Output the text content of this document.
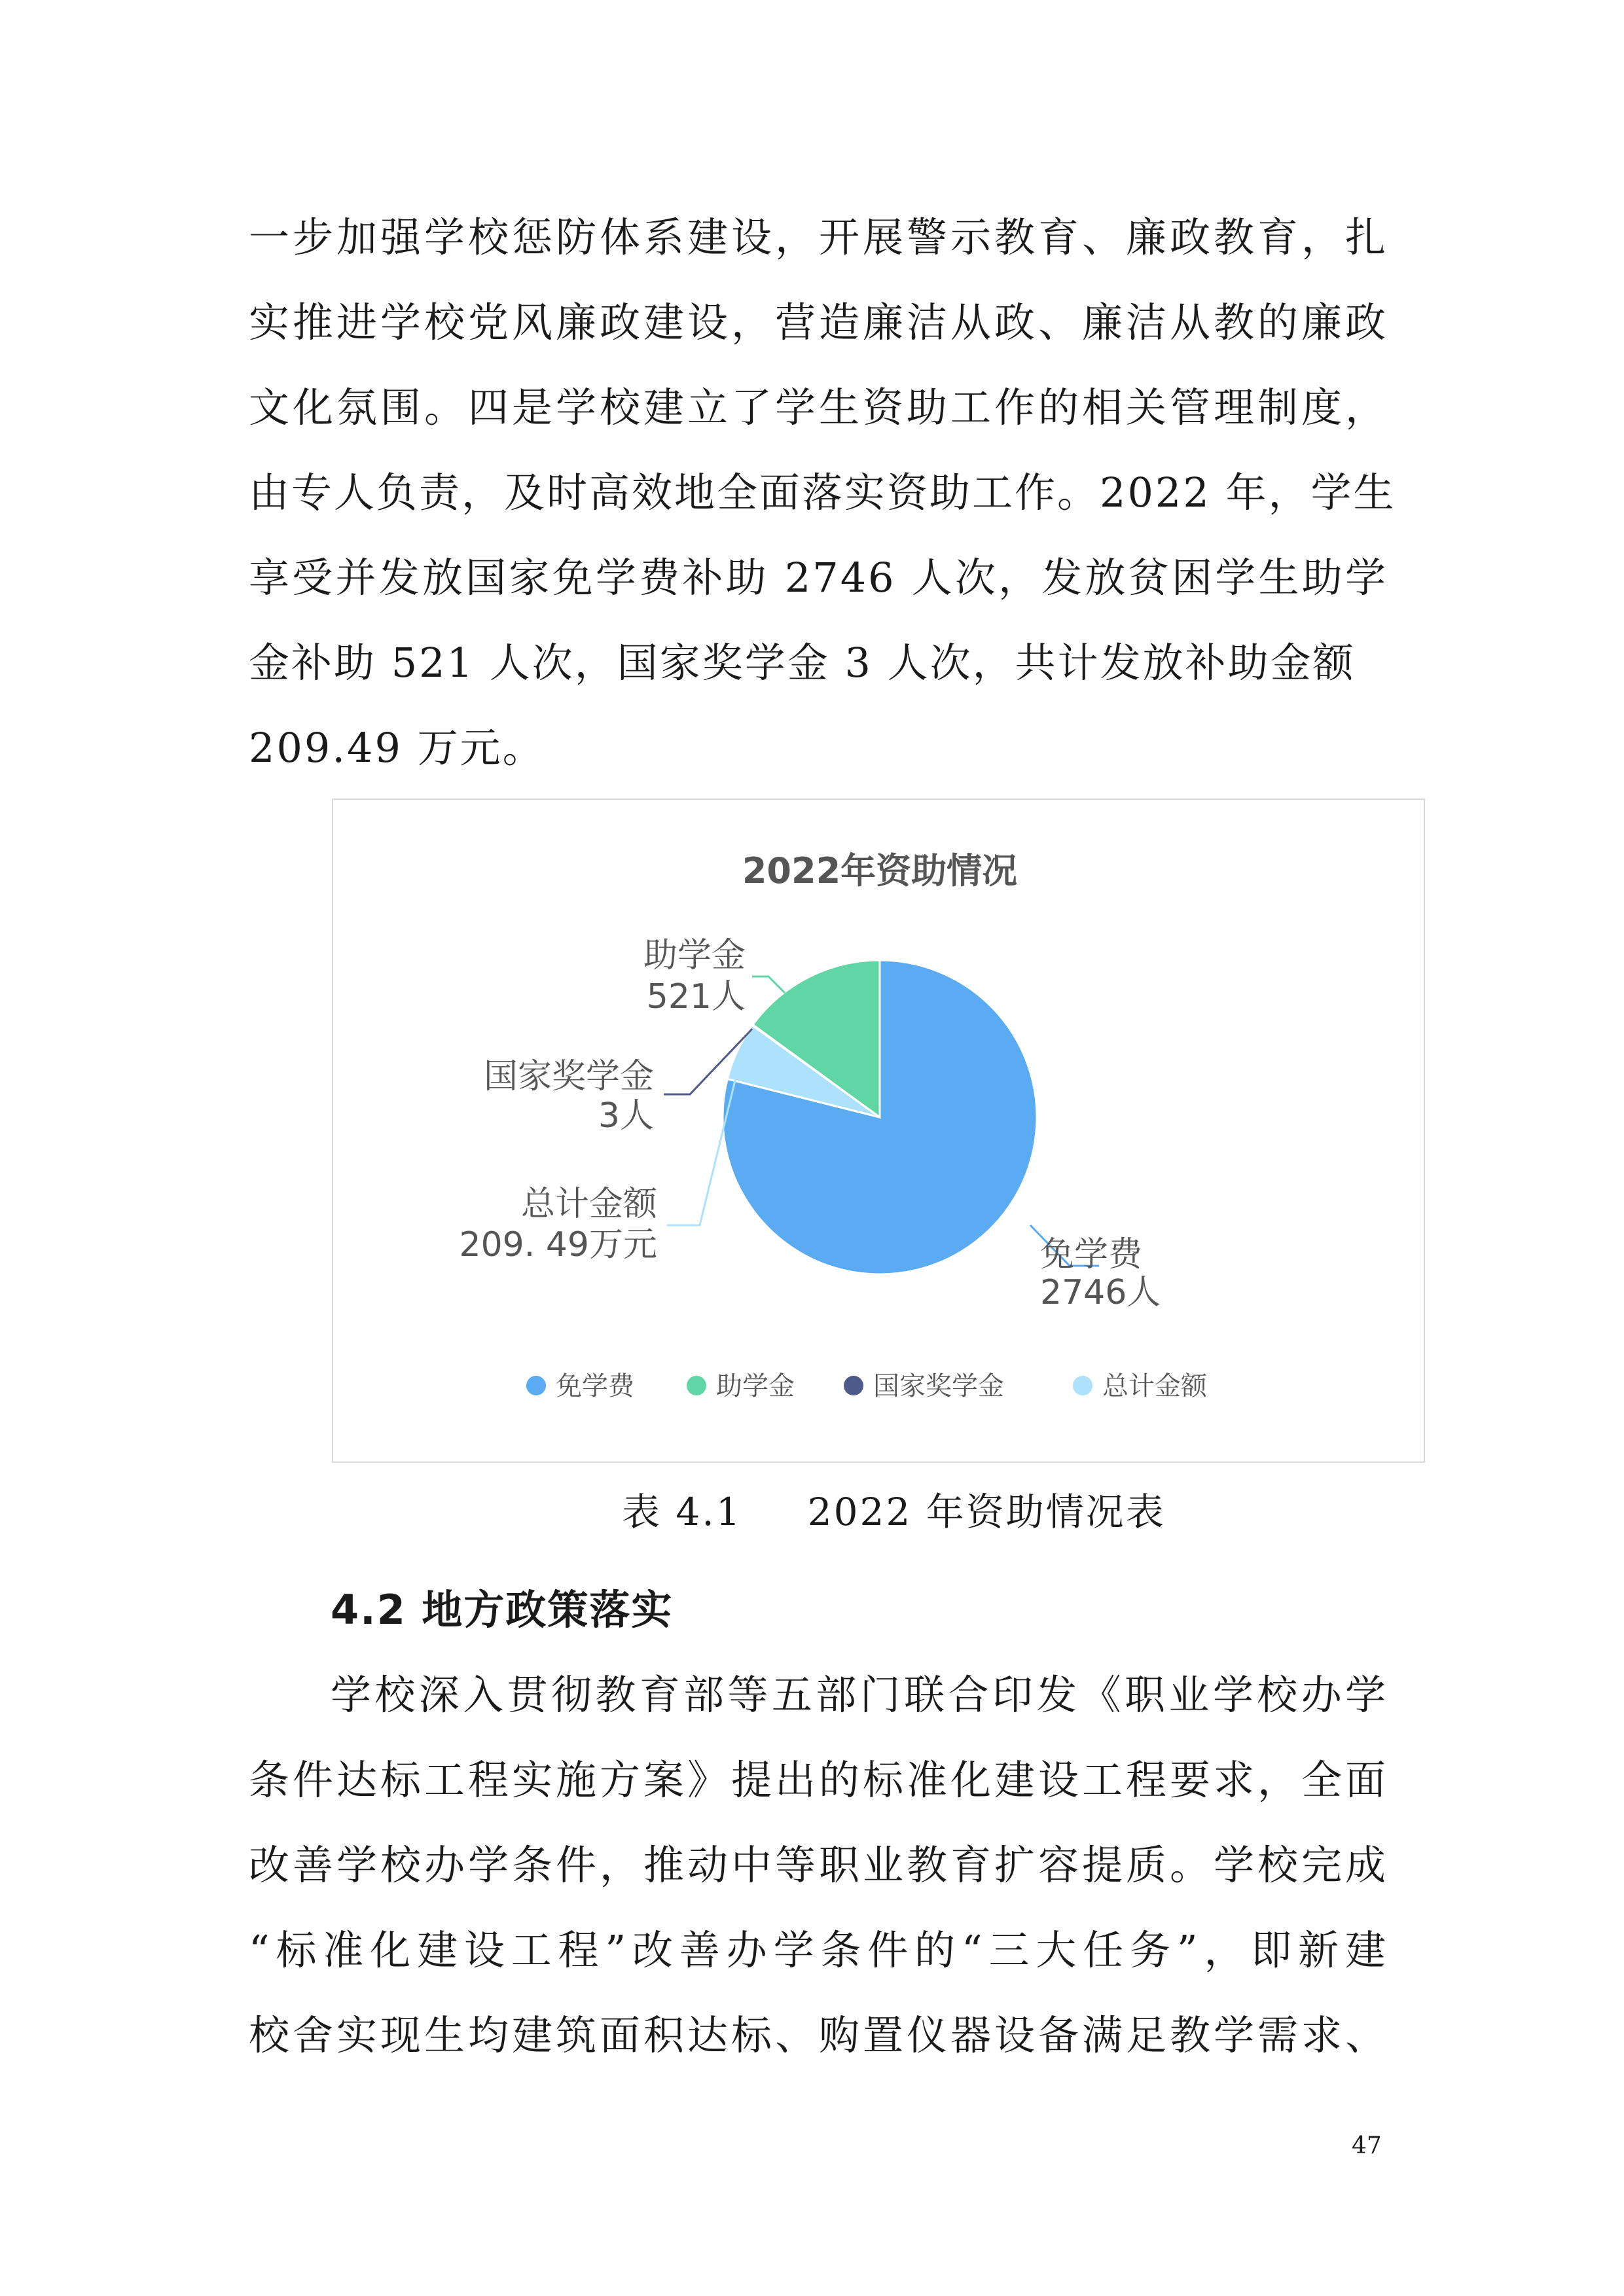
一步加强学校惩防体系建设，开展警示教育、廉政教育，扎
实推进学校党风廉政建设，营造廉洁从政、廉洁从教的廉政
文化氛围。四是学校建立了学生资助工作的相关管理制度，
由专人负责，及时高效地全面落实资助工作。2022 年，学生
享受并发放国家免学费补助 2746 人次，发放贫困学生助学
金补助 521 人次，国家奖学金 3 人次，共计发放补助金额
209.49 万元。
2022年资助情况
免学费
2746人
助学金
521人
国家奖学金
3人
总计金额
209. 49万元
免学费	助学金	国家奖学金	总计金额
表 4.1 2022 年资助情况表
4.2 地方政策落实
学校深入贯彻教育部等五部门联合印发《职业学校办学
条件达标工程实施方案》提出的标准化建设工程要求，全面
改善学校办学条件，推动中等职业教育扩容提质。学校完成
“标准化建设工程”改善办学条件的“三大任务”，即新建
校舍实现生均建筑面积达标、购置仪器设备满足教学需求、
47
